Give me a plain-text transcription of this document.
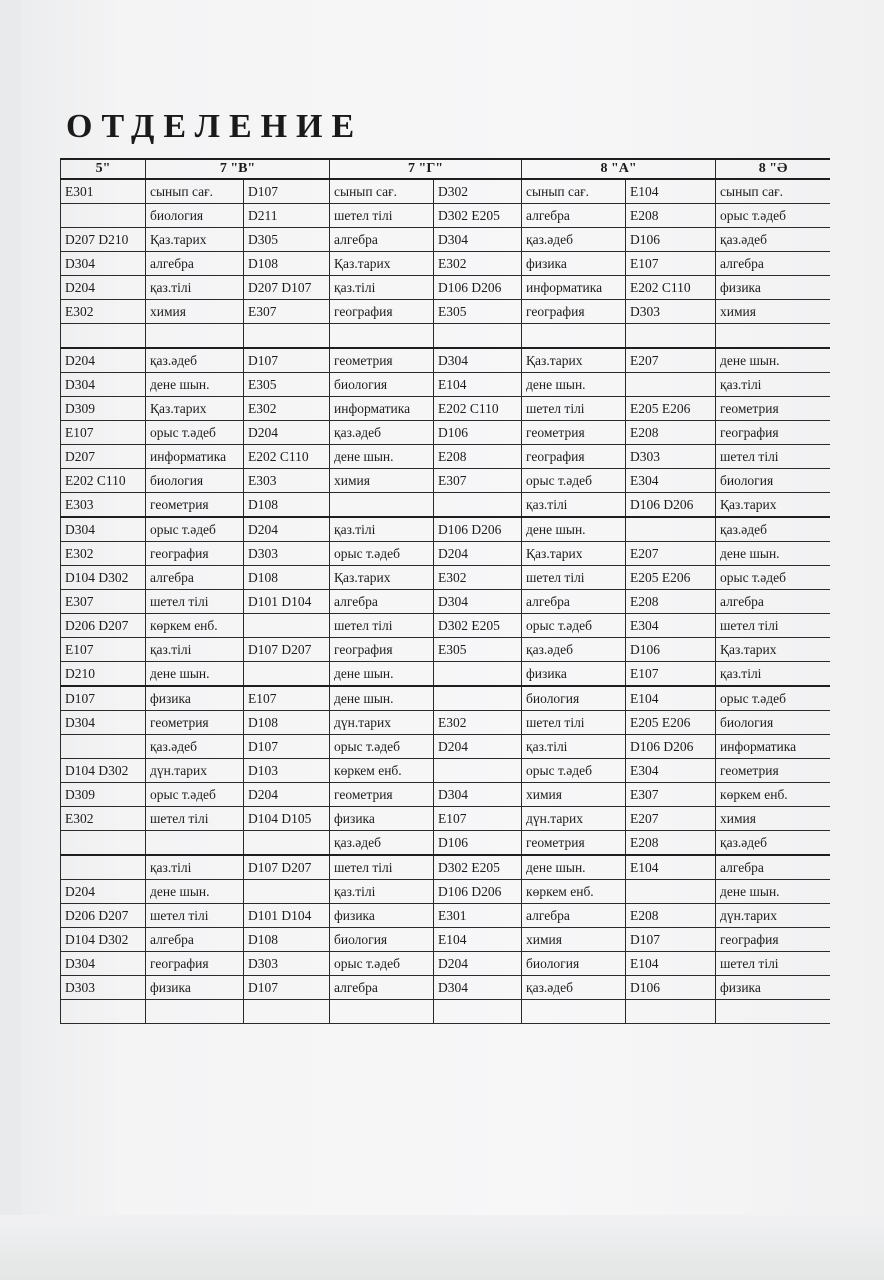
ОТДЕЛЕНИЕ
5"	7 "В"		7 "Г"		8 "А"		8 "Ә
E301	сынып сағ.	D107	сынып сағ.	D302	сынып сағ.	E104	сынып сағ.
	биология	D211	шетел тілі	D302 E205	алгебра	E208	орыс т.әдеб
D207 D210	Қаз.тарих	D305	алгебра	D304	қаз.әдеб	D106	қаз.әдеб
D304	алгебра	D108	Қаз.тарих	E302	физика	E107	алгебра
D204	қаз.тілі	D207 D107	қаз.тілі	D106 D206	информатика	E202 C110	физика
E302	химия	E307	география	E305	география	D303	химия

D204	қаз.әдеб	D107	геометрия	D304	Қаз.тарих	E207	дене шын.
D304	дене шын.	E305	биология	E104	дене шын.		қаз.тілі
D309	Қаз.тарих	E302	информатика	E202 C110	шетел тілі	E205 E206	геометрия
E107	орыс т.әдеб	D204	қаз.әдеб	D106	геометрия	E208	география
D207	информатика	E202 C110	дене шын.	E208	география	D303	шетел тілі
E202 C110	биология	E303	химия	E307	орыс т.әдеб	E304	биология
E303	геометрия	D108			қаз.тілі	D106 D206	Қаз.тарих
D304	орыс т.әдеб	D204	қаз.тілі	D106 D206	дене шын.		қаз.әдеб
E302	география	D303	орыс т.әдеб	D204	Қаз.тарих	E207	дене шын.
D104 D302	алгебра	D108	Қаз.тарих	E302	шетел тілі	E205 E206	орыс т.әдеб
E307	шетел тілі	D101 D104	алгебра	D304	алгебра	E208	алгебра
D206 D207	көркем енб.		шетел тілі	D302 E205	орыс т.әдеб	E304	шетел тілі
E107	қаз.тілі	D107 D207	география	E305	қаз.әдеб	D106	Қаз.тарих
D210	дене шын.		дене шын.		физика	E107	қаз.тілі
D107	физика	E107	дене шын.		биология	E104	орыс т.әдеб
D304	геометрия	D108	дүн.тарих	E302	шетел тілі	E205 E206	биология
	қаз.әдеб	D107	орыс т.әдеб	D204	қаз.тілі	D106 D206	информатика
D104 D302	дүн.тарих	D103	көркем енб.		орыс т.әдеб	E304	геометрия
D309	орыс т.әдеб	D204	геометрия	D304	химия	E307	көркем енб.
E302	шетел тілі	D104 D105	физика	E107	дүн.тарих	E207	химия
			қаз.әдеб	D106	геометрия	E208	қаз.әдеб
	қаз.тілі	D107 D207	шетел тілі	D302 E205	дене шын.	E104	алгебра
D204	дене шын.		қаз.тілі	D106 D206	көркем енб.		дене шын.
D206 D207	шетел тілі	D101 D104	физика	E301	алгебра	E208	дүн.тарих
D104 D302	алгебра	D108	биология	E104	химия	D107	география
D304	география	D303	орыс т.әдеб	D204	биология	E104	шетел тілі
D303	физика	D107	алгебра	D304	қаз.әдеб	D106	физика
